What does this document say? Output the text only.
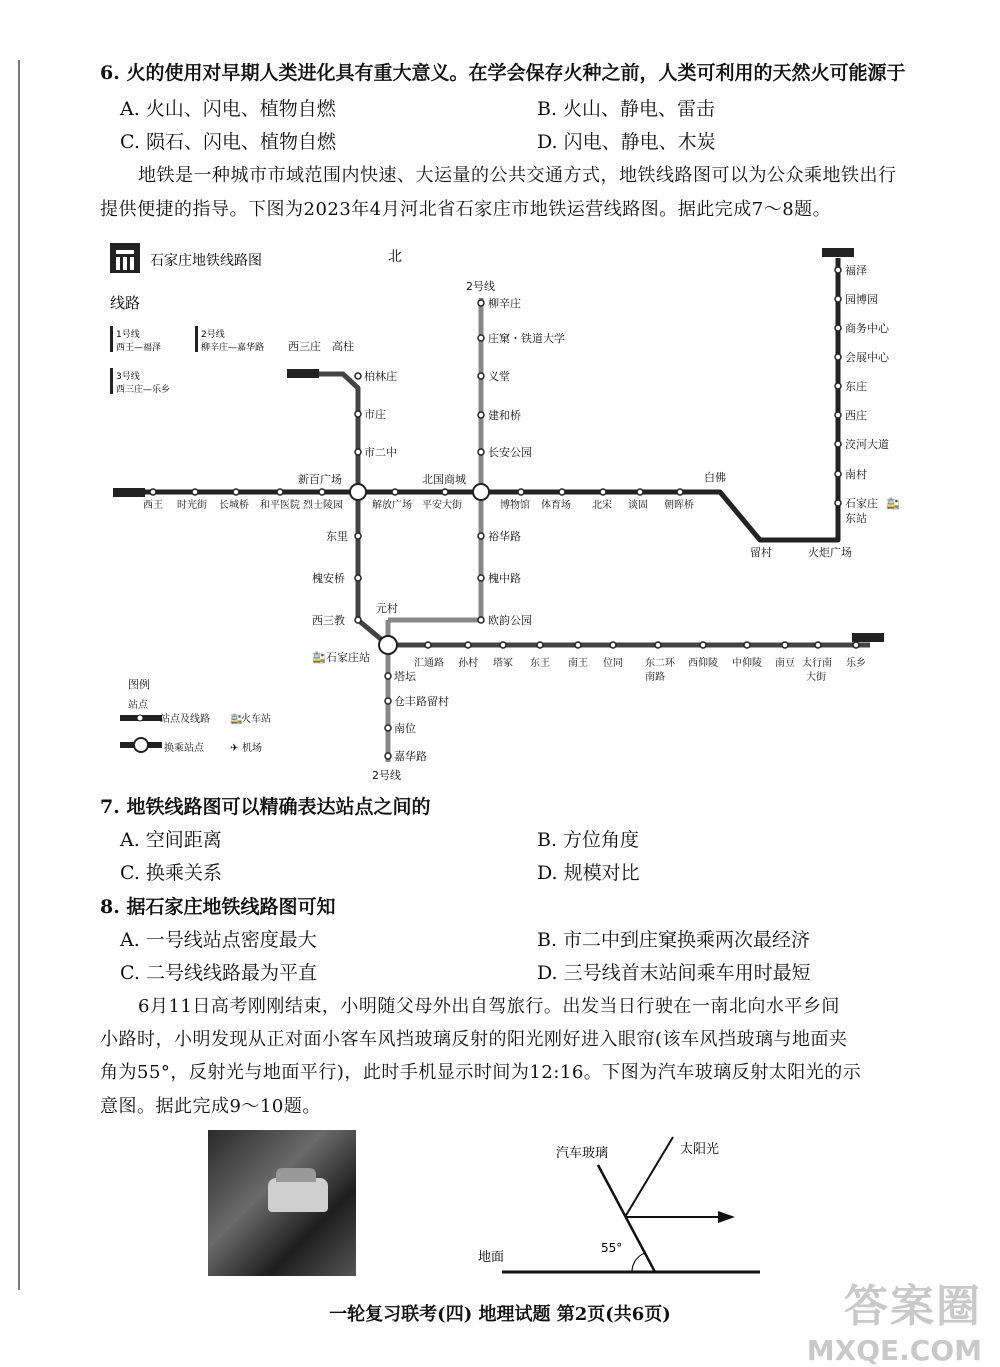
6. 火的使用对早期人类进化具有重大意义。在学会保存火种之前，人类可利用的天然火可能源于
A. 火山、闪电、植物自燃	B. 火山、静电、雷击
C. 陨石、闪电、植物自燃	D. 闪电、静电、木炭
地铁是一种城市市域范围内快速、大运量的公共交通方式，地铁线路图可以为公众乘地铁出行
提供便捷的指导。下图为2023年4月河北省石家庄市地铁运营线路图。据此完成7～8题。
石家庄地铁线路图	北
线路
1号线
西王—福泽
2号线
柳辛庄—嘉华路
3号线
西三庄—乐乡
西三庄 高柱
柏林庄
市庄
市二中
新百广场	北国商城
2号线
柳辛庄
庄窠・铁道大学
义堂
建和桥
长安公园
裕华路
槐中路
欧韵公园
元村
西王 时光街 长城桥 和平医院 烈士陵园	解放广场 平安大街	博物馆 体育场 北宋 谈固 朝晖桥
白佛
留村	火炬广场
福泽
园博园
商务中心
会展中心
东庄
西庄
洨河大道
南村
石家庄
东站
🚉
东里
槐安桥
西三教
🚉 石家庄站	汇通路 孙村 塔冢 东王 南王 位同 东二环
南路
西仰陵 中仰陵 南豆 太行南
大街
乐乡
塔坛
仓丰路留村
南位
嘉华路
2号线
图例
站点
站点及线路 🚉
火车站
换乘站点	✈ 机场
7. 地铁线路图可以精确表达站点之间的
A. 空间距离	B. 方位角度
C. 换乘关系	D. 规模对比
8. 据石家庄地铁线路图可知
A. 一号线站点密度最大	B. 市二中到庄窠换乘两次最经济
C. 二号线线路最为平直	D. 三号线首末站间乘车用时最短
6月11日高考刚刚结束，小明随父母外出自驾旅行。出发当日行驶在一南北向水平乡间
小路时，小明发现从正对面小客车风挡玻璃反射的阳光刚好进入眼帘(该车风挡玻璃与地面夹
角为55°，反射光与地面平行)，此时手机显示时间为12:16。下图为汽车玻璃反射太阳光的示
意图。据此完成9～10题。
汽车玻璃	太阳光
地面
55°
答案圈
MXQE.COM
一轮复习联考(四) 地理试题 第2页(共6页)
